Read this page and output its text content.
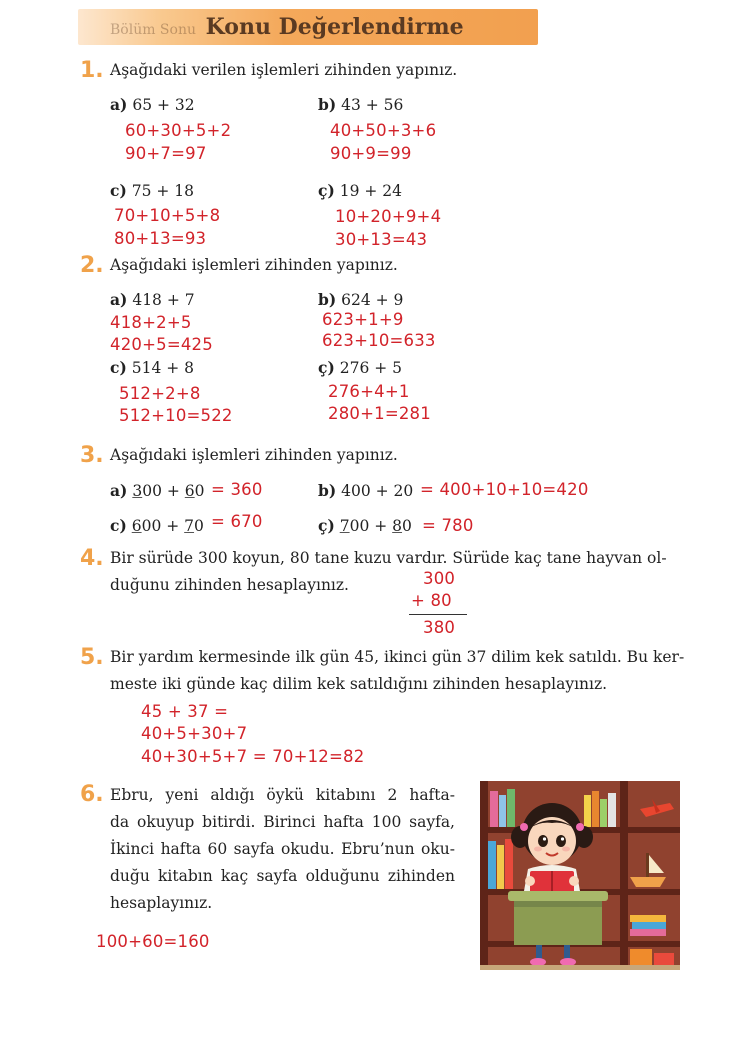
Bölüm Sonu Konu Değerlendirme
1. Aşağıdaki verilen işlemleri zihinden yapınız.
a) 65 + 32
60+30+5+2
90+7=97
b) 43 + 56
40+50+3+6
90+9=99
c) 75 + 18
70+10+5+8
80+13=93
ç) 19 + 24
10+20+9+4
30+13=43
2. Aşağıdaki işlemleri zihinden yapınız.
a) 418 + 7
418+2+5
420+5=425
b) 624 + 9
623+1+9
623+10=633
c) 514 + 8
512+2+8
512+10=522
ç) 276 + 5
276+4+1
280+1=281
3. Aşağıdaki işlemleri zihinden yapınız.
a) 300 + 60 = 360	b) 400 + 20 = 400+10+10=420
c) 600 + 70 = 670	ç) 700 + 80 = 780
4. Bir sürüde 300 koyun, 80 tane kuzu vardır. Sürüde kaç tane hayvan ol-
duğunu zihinden hesaplayınız.	300
+ 80
380
5. Bir yardım kermesinde ilk gün 45, ikinci gün 37 dilim kek satıldı. Bu ker-
meste iki günde kaç dilim kek satıldığını zihinden hesaplayınız.
45 + 37 =
40+5+30+7
40+30+5+7 = 70+12=82
6. Ebru, yeni aldığı öykü kitabını 2 hafta-
da okuyup bitirdi. Birinci hafta 100 sayfa,
İkinci hafta 60 sayfa okudu. Ebru’nun oku-
duğu kitabın kaç sayfa olduğunu zihinden
hesaplayınız.
100+60=160
